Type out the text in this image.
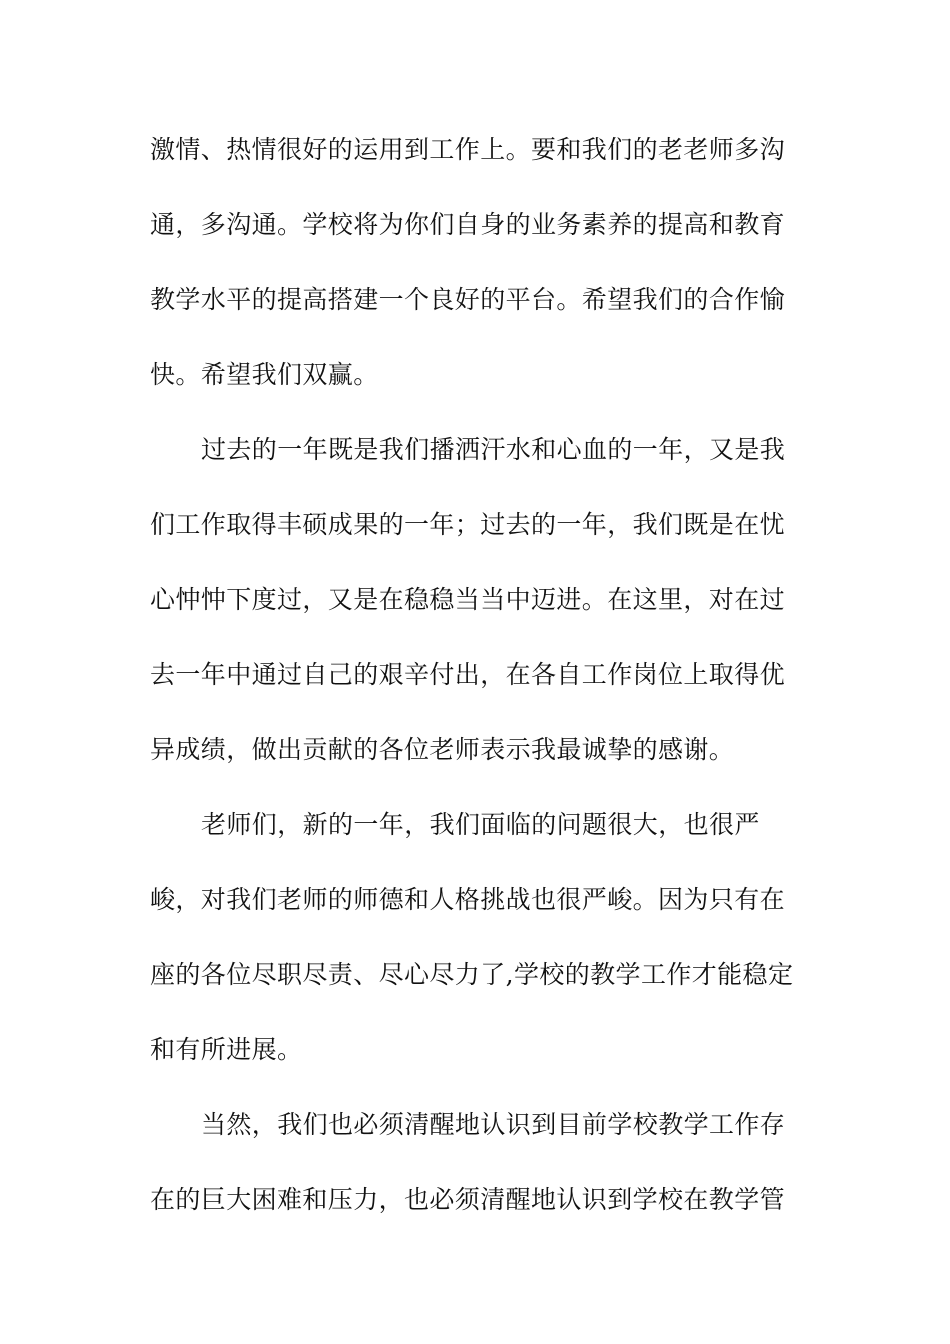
激情、热情很好的运用到工作上。要和我们的老老师多沟
通，多沟通。学校将为你们自身的业务素养的提高和教育
教学水平的提高搭建一个良好的平台。希望我们的合作愉
快。希望我们双赢。
过去的一年既是我们播洒汗水和心血的一年，又是我
们工作取得丰硕成果的一年；过去的一年，我们既是在忧
心忡忡下度过，又是在稳稳当当中迈进。在这里，对在过
去一年中通过自己的艰辛付出，在各自工作岗位上取得优
异成绩，做出贡献的各位老师表示我最诚挚的感谢。
老师们，新的一年，我们面临的问题很大，也很严
峻，对我们老师的师德和人格挑战也很严峻。因为只有在
座的各位尽职尽责、尽心尽力了,学校的教学工作才能稳定
和有所进展。
当然，我们也必须清醒地认识到目前学校教学工作存
在的巨大困难和压力，也必须清醒地认识到学校在教学管
